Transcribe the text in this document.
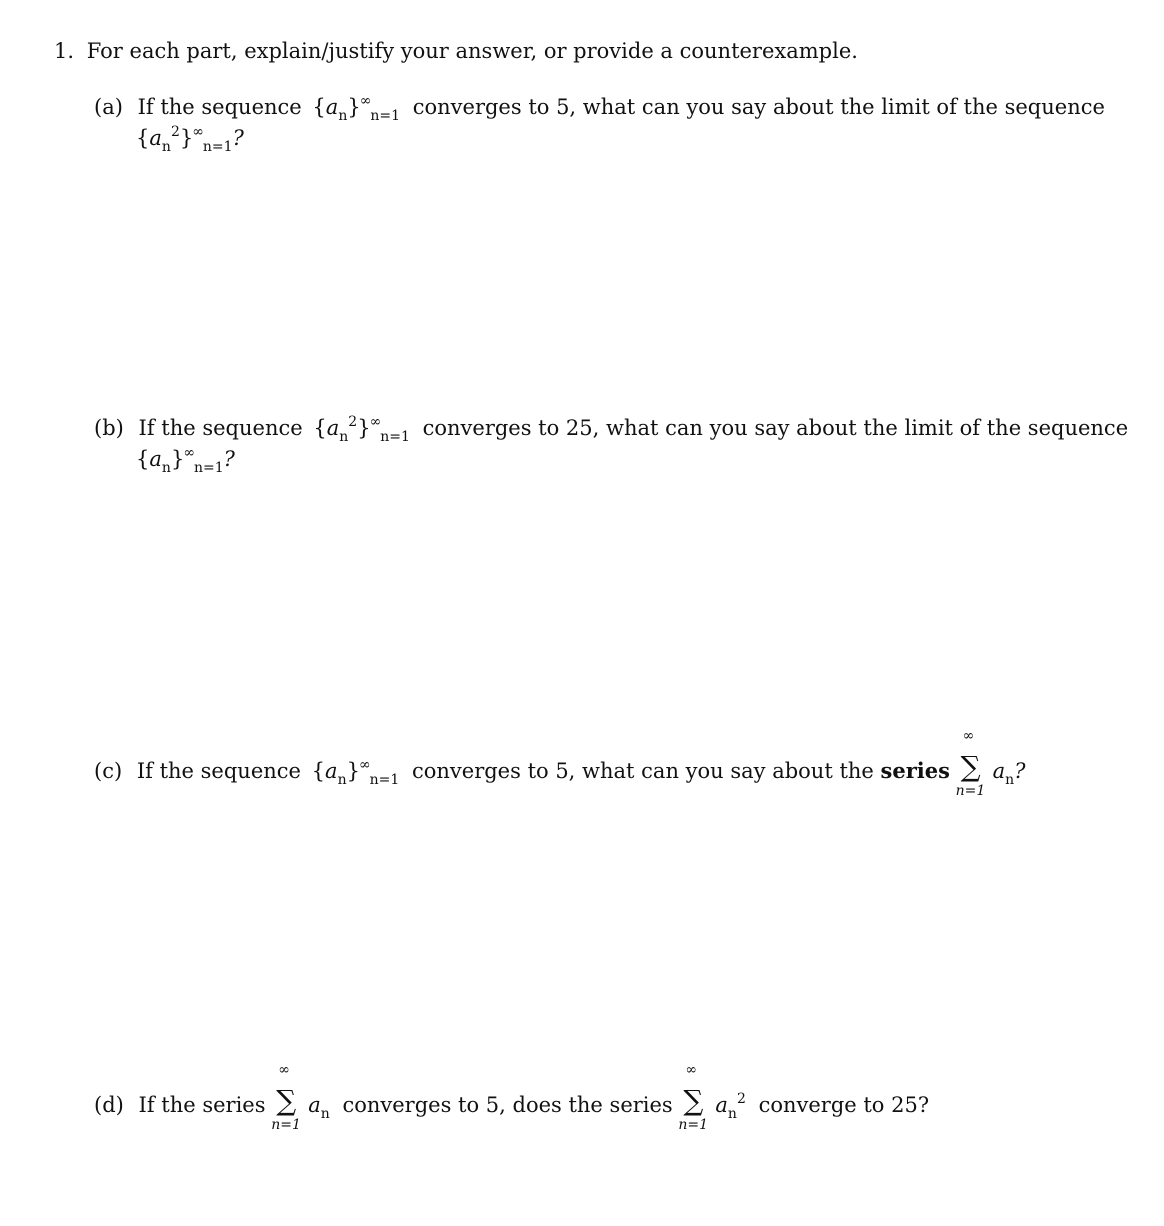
1. For each part, explain/justify your answer, or provide a counterexample.
(a) If the sequence $\{a_n\}^\infty_{n=1}$ converges to 5, what can you say about the limit of the sequence
$\{a_n^2\}^\infty_{n=1}$?
(b) If the sequence $\{a_n^2\}^\infty_{n=1}$ converges to 25, what can you say about the limit of the sequence
$\{a_n\}^\infty_{n=1}$?
(c) If the sequence $\{a_n\}^\infty_{n=1}$ converges to 5, what can you say about the series
∞
∑
n=1
$a_n$?
(d) If the series
∞
∑
n=1
$a_n$ converges to 5, does the series
∞
∑
n=1
$a_n^2$ converge to 25?
